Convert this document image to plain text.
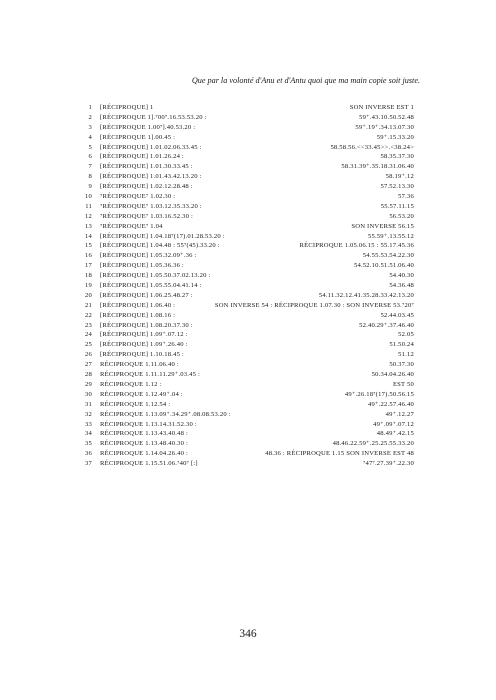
Que par la volonté d'Anu et d'Antu quoi que ma main copie soit juste.
1 [RÉCIPROQUE] 1	SON INVERSE EST 1
2 [RÉCIPROQUE 1].⁷00⁷.16.53.53.20 :	59⁺.43.10.50.52.48
3 [RÉCIPROQUE 1.00⁷].40.53.20 :	59⁺.19⁺.34.13.07.30
4 [RÉCIPROQUE 1].00.45 :	59⁺.15.33.20
5 [RÉCIPROQUE] 1.01.02.06.33.45 :	58.58.56.<<33.45>>.<38.24>
6 [RÉCIPROQUE] 1.01.26.24 :	58.35.37.30
7 [RÉCIPROQUE] 1.01.30.33.45 :	58.31.39⁺.35.18.31.06.40
8 [RÉCIPROQUE] 1.01.43.42.13.20 :	58.19⁺.12
9 [RÉCIPROQUE] 1.02.12.28.48 :	57.52.13.30
10 ⁷RÉCIPROQUE⁷ 1.02.30 :	57.36
11 ⁷RÉCIPROQUE⁷ 1.03.12.35.33.20 :	55.57.11.15
12 ⁷RÉCIPROQUE⁷ 1.03.16.52.30 :	56.53.20
13 ⁷RÉCIPROQUE⁷ 1.04	SON INVERSE 56.15
14 [RÉCIPROQUE] 1.04.18⁷(17).01.28.53.20 :	55.59⁺.13.55.12
15 [RÉCIPROQUE] 1.04.48 : 55⁷(45).33.20 :	RÉCIPROQUE 1.05.06.15 : 55.17.45.36
16 [RÉCIPROQUE] 1.05.32.09⁺.36 :	54.55.53.54.22.30
17 [RÉCIPROQUE] 1.05.36.36 :	54.52.10.51.51.06.40
18 [RÉCIPROQUE] 1.05.50.37.02.13.20 :	54.40.30
19 [RÉCIPROQUE] 1.05.55.04.41.14 :	54.36.48
20 [RÉCIPROQUE] 1.06.25.48.27 :	54.11.32.12.41.35.28.33.42.13.20
21 [RÉCIPROQUE] 1.06.40 :	SON INVERSE 54 : RÉCIPROQUE 1.07.30 : SON INVERSE 53.⁷20⁷
22 [RÉCIPROQUE] 1.08.16 :	52.44.03.45
23 [RÉCIPROQUE] 1.08.20.37.30 :	52.40.29⁺.37.46.40
24 [RÉCIPROQUE] 1.09⁺.07.12 :	52.05
25 [RÉCIPROQUE] 1.09⁺.26.40 :	51.50.24
26 [RÉCIPROQUE] 1.10.18.45 :	51.12
27 RÉCIPROQUE 1.11.06.40 :	50.37.30
28 RÉCIPROQUE 1.11.11.29⁺.03.45 :	50.34.04.26.40
29 RÉCIPROQUE 1.12 :	EST 50
30 RÉCIPROQUE 1.12.49⁺.04 :	49⁺.26.18⁷(17).50.56.15
31 RÉCIPROQUE 1.12.54 :	49⁺.22.57.46.40
32 RÉCIPROQUE 1.13.09⁺.34.29⁺.08.08.53.20 :	49⁺.12.27
33 RÉCIPROQUE 1.13.14.31.52.30 :	49⁺.09⁺.07.12
34 RÉCIPROQUE 1.13.43.40.48 :	48.49⁺.42.15
35 RÉCIPROQUE 1.13.48.40.30 :	48.46.22.59⁺.25.25.55.33.20
36 RÉCIPROQUE 1.14.04.26.40 :	48.36 : RÉCIPROQUE 1.15 SON INVERSE EST 48
37 RÉCIPROQUE 1.15.51.06.⁷40⁷ [:]	⁷47⁷.27.39⁺.22.30
346
